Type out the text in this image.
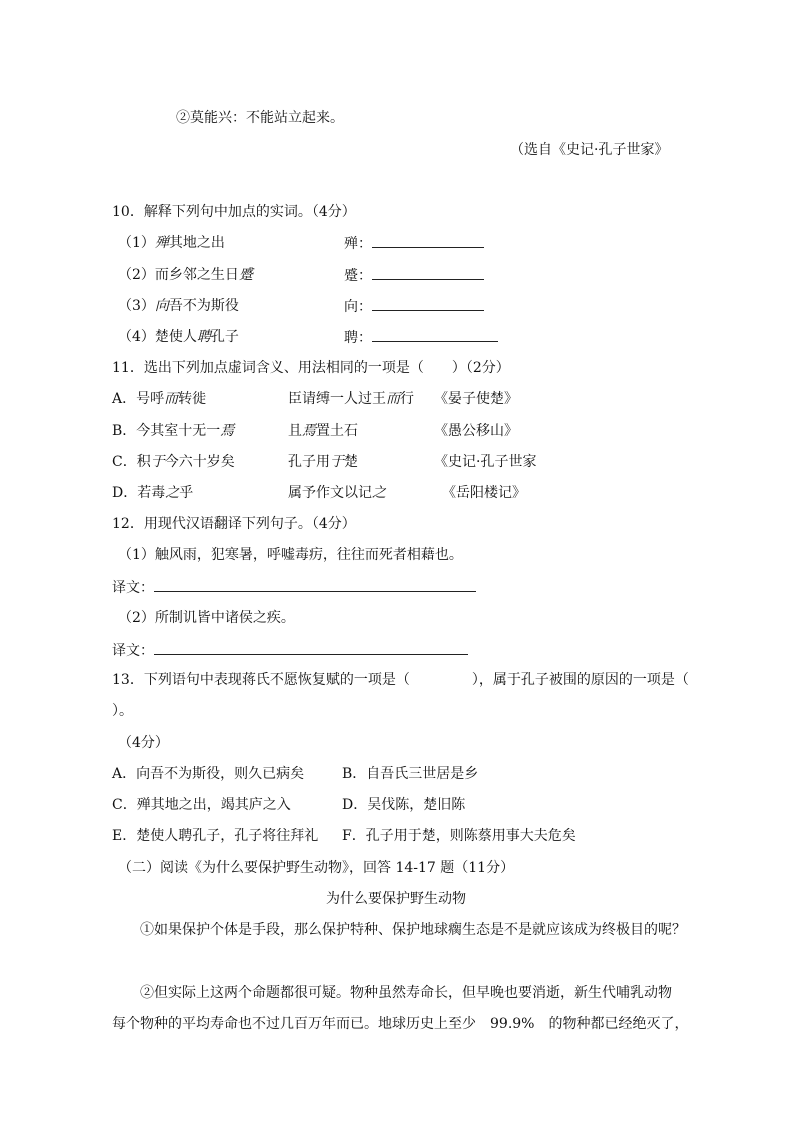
②莫能兴：不能站立起来。
（选自《史记·孔子世家》
10．解释下列句中加点的实词。（4分）
（1）殚其地之出	殚：
（2）而乡邻之生日蹙	蹙：
（3）向吾不为斯役	向：
（4）楚使人聘孔子	聘：
11．选出下列加点虚词含义、用法相同的一项是（　　）（2分）
A．号呼而转徙	臣请缚一人过王而行 《晏子使楚》
B．今其室十无一焉	且焉置土石	《愚公移山》
C．积于今六十岁矣	孔子用于楚	《史记·孔子世家
D．若毒之乎	属予作文以记之	《岳阳楼记》
12．用现代汉语翻译下列句子。（4分）
（1）触风雨，犯寒暑，呼嘘毒疠，往往而死者相藉也。
译文：
（2）所制讥皆中诸侯之疾。
译文：
13．下列语句中表现蒋氏不愿恢复赋的一项是（	），属于孔子被围的原因的一项是（
）。
（4分）
A．向吾不为斯役，则久已病矣	B．自吾氏三世居是乡
C．殚其地之出，竭其庐之入	D．吴伐陈，楚旧陈
E．楚使人聘孔子，孔子将往拜礼 F．孔子用于楚，则陈蔡用事大夫危矣
（二）阅读《为什么要保护野生动物》，回答 14-17 题（11分）
为什么要保护野生动物
①如果保护个体是手段，那么保护特种、保护地球瘸生态是不是就应该成为终极目的呢？
②但实际上这两个命题都很可疑。物种虽然寿命长，但早晚也要消逝，新生代哺乳动物
每个物种的平均寿命也不过几百万年而已。地球历史上至少　99.9%　的物种都已经绝灭了，
